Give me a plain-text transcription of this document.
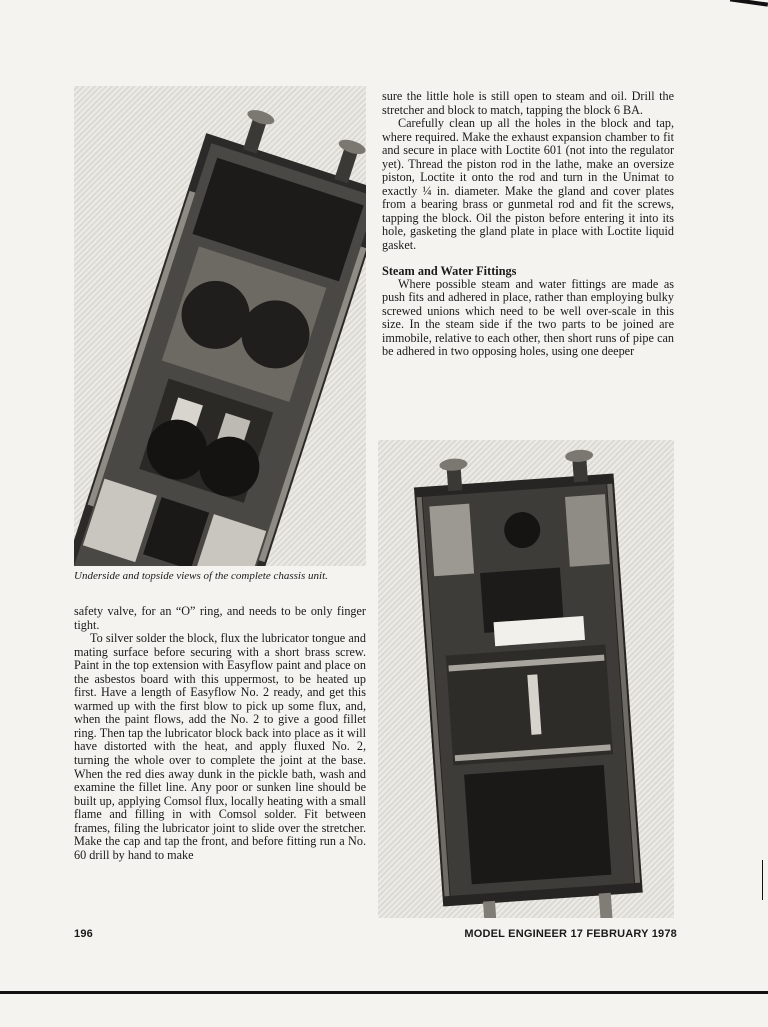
Underside and topside views of the complete chassis unit.

safety valve, for an “O” ring, and needs to be only finger tight.

To silver solder the block, flux the lubricator tongue and mating surface before securing with a short brass screw. Paint in the top extension with Easyflow paint and place on the asbestos board with this uppermost, to be heated up first. Have a length of Easyflow No. 2 ready, and get this warmed up with the first blow to pick up some flux, and, when the paint flows, add the No. 2 to give a good fillet ring. Then tap the lubricator block back into place as it will have distorted with the heat, and apply fluxed No. 2, turning the whole over to complete the joint at the base. When the red dies away dunk in the pickle bath, wash and examine the fillet line. Any poor or sunken line should be built up, applying Comsol flux, locally heating with a small flame and filling in with Comsol solder. Fit between frames, filing the lubricator joint to slide over the stretcher. Make the cap and tap the front, and before fitting run a No. 60 drill by hand to make

sure the little hole is still open to steam and oil. Drill the stretcher and block to match, tapping the block 6 BA.

Carefully clean up all the holes in the block and tap, where required. Make the exhaust expansion chamber to fit and secure in place with Loctite 601 (not into the regulator yet). Thread the piston rod in the lathe, make an oversize piston, Loctite it onto the rod and turn in the Unimat to exactly ¼ in. diameter. Make the gland and cover plates from a bearing brass or gunmetal rod and fit the screws, tapping the block. Oil the piston before entering it into its hole, gasketing the gland plate in place with Loctite liquid gasket.

Steam and Water Fittings

Where possible steam and water fittings are made as push fits and adhered in place, rather than employing bulky screwed unions which need to be well over-scale in this size. In the steam side if the two parts to be joined are immobile, relative to each other, then short runs of pipe can be adhered in two opposing holes, using one deeper

196	MODEL ENGINEER 17 FEBRUARY 1978
